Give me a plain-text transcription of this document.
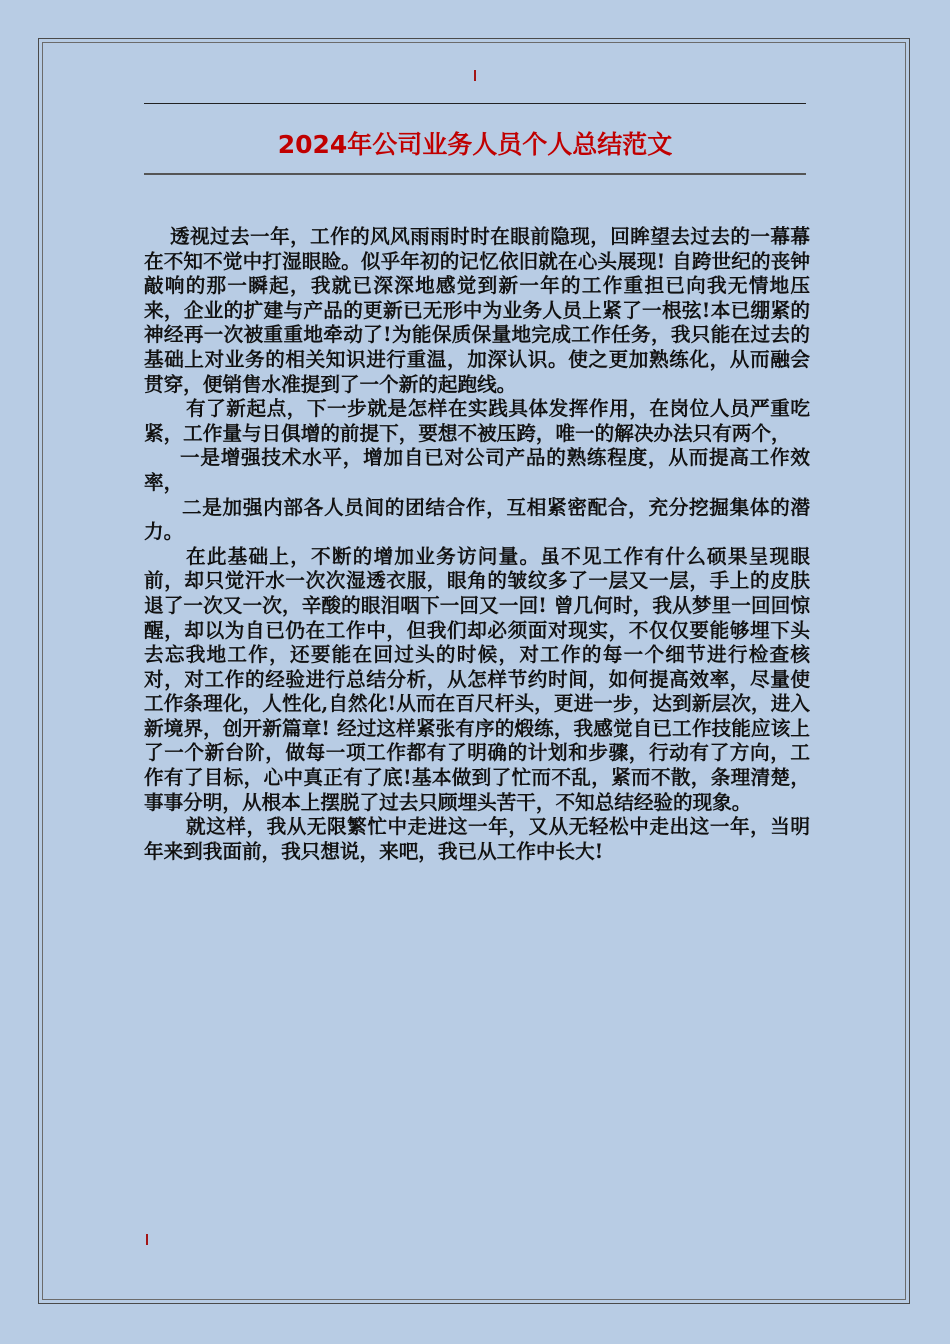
2024年公司业务人员个人总结范文

透视过去一年，工作的风风雨雨时时在眼前隐现，回眸望去过去的一幕幕在不知不觉中打湿眼睑。似乎年初的记忆依旧就在心头展现! 自跨世纪的丧钟敲响的那一瞬起，我就已深深地感觉到新一年的工作重担已向我无情地压来，企业的扩建与产品的更新已无形中为业务人员上紧了一根弦!本已绷紧的神经再一次被重重地牵动了!为能保质保量地完成工作任务，我只能在过去的基础上对业务的相关知识进行重温，加深认识。使之更加熟练化，从而融会贯穿，便销售水准提到了一个新的起跑线。

有了新起点，下一步就是怎样在实践具体发挥作用，在岗位人员严重吃紧，工作量与日俱增的前提下，要想不被压跨，唯一的解决办法只有两个，

一是增强技术水平，增加自已对公司产品的熟练程度，从而提高工作效率，

二是加强内部各人员间的团结合作，互相紧密配合，充分挖掘集体的潜力。

在此基础上，不断的增加业务访问量。虽不见工作有什么硕果呈现眼前，却只觉汗水一次次湿透衣服，眼角的皱纹多了一层又一层，手上的皮肤退了一次又一次，辛酸的眼泪咽下一回又一回! 曾几何时，我从梦里一回回惊醒，却以为自已仍在工作中，但我们却必须面对现实，不仅仅要能够埋下头去忘我地工作，还要能在回过头的时候，对工作的每一个细节进行检查核对，对工作的经验进行总结分析，从怎样节约时间，如何提高效率，尽量使工作条理化，人性化,自然化!从而在百尺杆头，更进一步，达到新层次，进入新境界，创开新篇章! 经过这样紧张有序的煅练，我感觉自已工作技能应该上了一个新台阶，做每一项工作都有了明确的计划和步骤，行动有了方向，工作有了目标，心中真正有了底!基本做到了忙而不乱，紧而不散，条理清楚，事事分明，从根本上摆脱了过去只顾埋头苦干，不知总结经验的现象。

就这样，我从无限繁忙中走进这一年，又从无轻松中走出这一年，当明年来到我面前，我只想说，来吧，我已从工作中长大!
